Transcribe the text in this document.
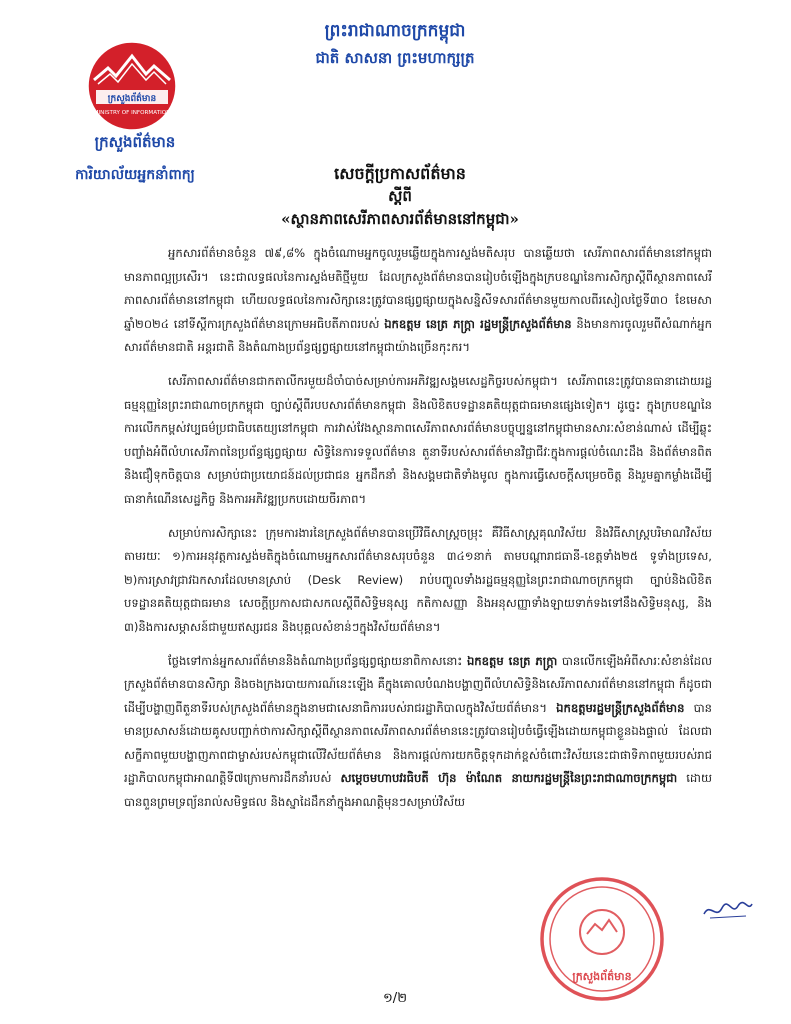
ព្រះរាជាណាចក្រកម្ពុជា
ជាតិ សាសនា ព្រះមហាក្សត្រ
ក្រសួងព័ត៌មាន
MINISTRY OF INFORMATION
ក្រសួងព័ត៌មាន
ការិយាល័យអ្នកនាំពាក្យ	សេចក្តីប្រកាសព័ត៌មាន
ស្តីពី
«ស្ថានភាពសេរីភាពសារព័ត៌មាននៅកម្ពុជា»

អ្នកសារព័ត៌មានចំនួន ៧៩,៨% ក្នុងចំណោមអ្នកចូលរួមឆ្លើយក្នុងការស្ទង់មតិសរុប បានឆ្លើយថា សេរីភាពសារព័ត៌មាននៅកម្ពុជាមានភាពល្អប្រសើរ។ នេះជាលទ្ធផលនៃការស្ទង់មតិថ្មីមួយ ដែលក្រសួងព័ត៌មានបានរៀបចំឡើងក្នុងក្របខណ្ឌនៃការសិក្សាស្តីពីស្ថានភាពសេរីភាពសារព័ត៌មាននៅកម្ពុជា ហើយលទ្ធផលនៃការសិក្សានេះត្រូវបានផ្សព្វផ្សាយក្នុងសន្និសីទសារព័ត៌មានមួយកាលពីរសៀលថ្ងៃទី៣០ ខែមេសា ឆ្នាំ២០២៤ នៅទីស្តីការក្រសួងព័ត៌មានក្រោមអធិបតីភាពរបស់ ឯកឧត្តម នេត្រ ភក្ត្រា រដ្ឋមន្ត្រីក្រសួងព័ត៌មាន និងមានការចូលរួមពីសំណាក់អ្នកសារព័ត៌មានជាតិ អន្តរជាតិ និងតំណាងប្រព័ន្ធផ្សព្វផ្សាយនៅកម្ពុជាយ៉ាងច្រើនកុះករ។

សេរីភាពសារព័ត៌មានជាកតាលីករមួយដ៏ចាំបាច់សម្រាប់ការអភិវឌ្ឍសង្គមសេដ្ឋកិច្ចរបស់កម្ពុជា។ សេរីភាពនេះត្រូវបានធានាដោយរដ្ឋធម្មនុញ្ញនៃព្រះរាជាណាចក្រកម្ពុជា ច្បាប់ស្តីពីរបបសារព័ត៌មានកម្ពុជា និងលិខិតបទដ្ឋានគតិយុត្តជាធរមានផ្សេងទៀត។ ដូច្នេះ ក្នុងក្របខណ្ឌនៃការលើកកម្ពស់វប្បធម៌ប្រជាធិបតេយ្យនៅកម្ពុជា ការវាស់វែងស្ថានភាពសេរីភាពសារព័ត៌មានបច្ចុប្បន្ននៅកម្ពុជាមានសារៈសំខាន់ណាស់ ដើម្បីឆ្លុះបញ្ចាំងអំពីលំហសេរីភាពនៃប្រព័ន្ធផ្សព្វផ្សាយ សិទ្ធិនៃការទទួលព័ត៌មាន តួនាទីរបស់សារព័ត៌មានវិជ្ជាជីវៈក្នុងការផ្តល់ចំណេះដឹង និងព័ត៌មានពិត និងជឿទុកចិត្តបាន សម្រាប់ជាប្រយោជន៍ដល់ប្រជាជន អ្នកដឹកនាំ និងសង្គមជាតិទាំងមូល ក្នុងការធ្វើសេចក្តីសម្រេចចិត្ត និងរួមគ្នាកម្លាំងដើម្បីធានាកំណើនសេដ្ឋកិច្ច និងការអភិវឌ្ឍប្រកបដោយចីរភាព។

សម្រាប់ការសិក្សានេះ ក្រុមការងារនៃក្រសួងព័ត៌មានបានប្រើវិធីសាស្ត្រចម្រុះ គឺវិធីសាស្ត្រគុណវិស័យ និងវិធីសាស្ត្របរិមាណវិស័យ តាមរយៈ ១)ការអនុវត្តការស្ទង់មតិក្នុងចំណោមអ្នកសារព័ត៌មានសរុបចំនួន ៣៤១នាក់ តាមបណ្តារាជធានី-ខេត្តទាំង២៥ ទូទាំងប្រទេស, ២)ការស្រាវជ្រាវឯកសារដែលមានស្រាប់ (Desk Review) រាប់បញ្ចូលទាំងរដ្ឋធម្មនុញ្ញនៃព្រះរាជាណាចក្រកម្ពុជា ច្បាប់និងលិខិតបទដ្ឋានគតិយុត្តជាធរមាន សេចក្តីប្រកាសជាសកលស្តីពីសិទ្ធិមនុស្ស កតិកាសញ្ញា និងអនុសញ្ញាទាំងឡាយទាក់ទងទៅនឹងសិទ្ធិមនុស្ស, និង ៣)និងការសម្ភាសន៍ជាមួយឥស្សរជន និងបុគ្គលសំខាន់ៗក្នុងវិស័យព័ត៌មាន។

ថ្លែងទៅកាន់អ្នកសារព័ត៌មាននិងតំណាងប្រព័ន្ធផ្សព្វផ្សាយនាពិកាសនោះ ឯកឧត្តម នេត្រ ភក្ត្រា បានលើកឡើងអំពីសារៈសំខាន់ដែលក្រសួងព័ត៌មានបានសិក្សា និងចងក្រងរបាយការណ៍នេះឡើង គឺក្នុងគោលបំណងបង្ហាញពីលំហសិទ្ធិនិងសេរីភាពសារព័ត៌មាននៅកម្ពុជា ក៏ដូចជាដើម្បីបង្ហាញពីតួនាទីរបស់ក្រសួងព័ត៌មានក្នុងនាមជាសេនាធិការរបស់រាជរដ្ឋាភិបាលក្នុងវិស័យព័ត៌មាន។ ឯកឧត្តមរដ្ឋមន្ត្រីក្រសួងព័ត៌មាន បានមានប្រសាសន៍ដោយគូសបញ្ជាក់ថាការសិក្សាស្តីពីស្ថានភាពសេរីភាពសារព័ត៌មាននេះត្រូវបានរៀបចំធ្វើឡើងដោយកម្ពុជាខ្លួនឯងផ្ទាល់ ដែលជាសក្ខីភាពមួយបង្ហាញភាពជាម្ចាស់របស់កម្ពុជាលើវិស័យព័ត៌មាន និងការផ្តល់ការយកចិត្តទុកដាក់ខ្ពស់ចំពោះវិស័យនេះជាផាទិភាពមួយរបស់រាជរដ្ឋាភិបាលកម្ពុជាអាណត្តិទី៧ក្រោមការដឹកនាំរបស់ សម្តេចមហាបវរធិបតី ហ៊ុន ម៉ាណែត នាយករដ្ឋមន្ត្រីនៃព្រះរាជាណាចក្រកម្ពុជា ដោយបានពួនព្រមទ្រព្យ័នរាល់សមិទ្ធផល និងស្នាដៃដឹកនាំក្នុងអាណត្តិមុនៗសម្រាប់វិស័យ

ក្រសួងព័ត៌មាន
១/២
